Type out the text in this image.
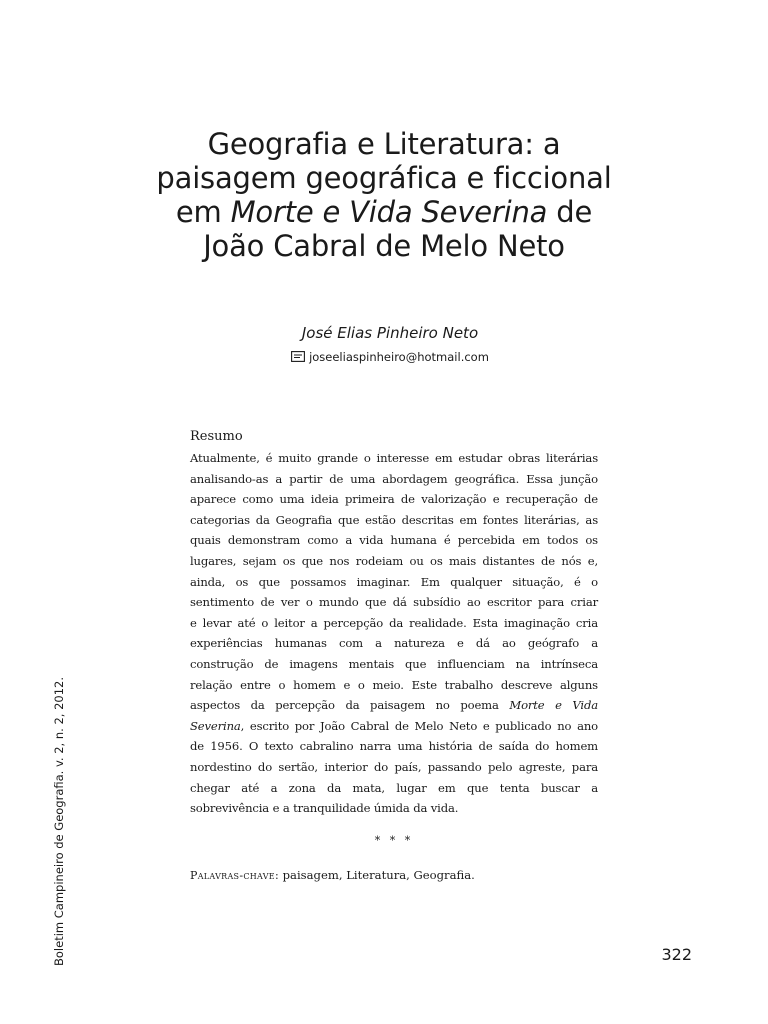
Geografia e Literatura: a
paisagem geográfica e ficcional
em Morte e Vida Severina de
João Cabral de Melo Neto
José Elias Pinheiro Neto
joseeliaspinheiro@hotmail.com
Resumo
Atualmente, é muito grande o interesse em estudar obras literárias
analisando-as a partir de uma abordagem geográfica. Essa junção
aparece como uma ideia primeira de valorização e recuperação de
categorias da Geografia que estão descritas em fontes literárias, as
quais demonstram como a vida humana é percebida em todos os
lugares, sejam os que nos rodeiam ou os mais distantes de nós e,
ainda, os que possamos imaginar. Em qualquer situação, é o
sentimento de ver o mundo que dá subsídio ao escritor para criar
e levar até o leitor a percepção da realidade. Esta imaginação cria
experiências humanas com a natureza e dá ao geógrafo a
construção de imagens mentais que influenciam na intrínseca
relação entre o homem e o meio. Este trabalho descreve alguns
aspectos da percepção da paisagem no poema Morte e Vida
Severina, escrito por João Cabral de Melo Neto e publicado no ano
de 1956. O texto cabralino narra uma história de saída do homem
nordestino do sertão, interior do país, passando pelo agreste, para
chegar até a zona da mata, lugar em que tenta buscar a
sobrevivência e a tranquilidade úmida da vida.
* * *
Palavras-chave: paisagem, Literatura, Geografia.
Boletim Campineiro de Geografia. v. 2, n. 2, 2012.	322
